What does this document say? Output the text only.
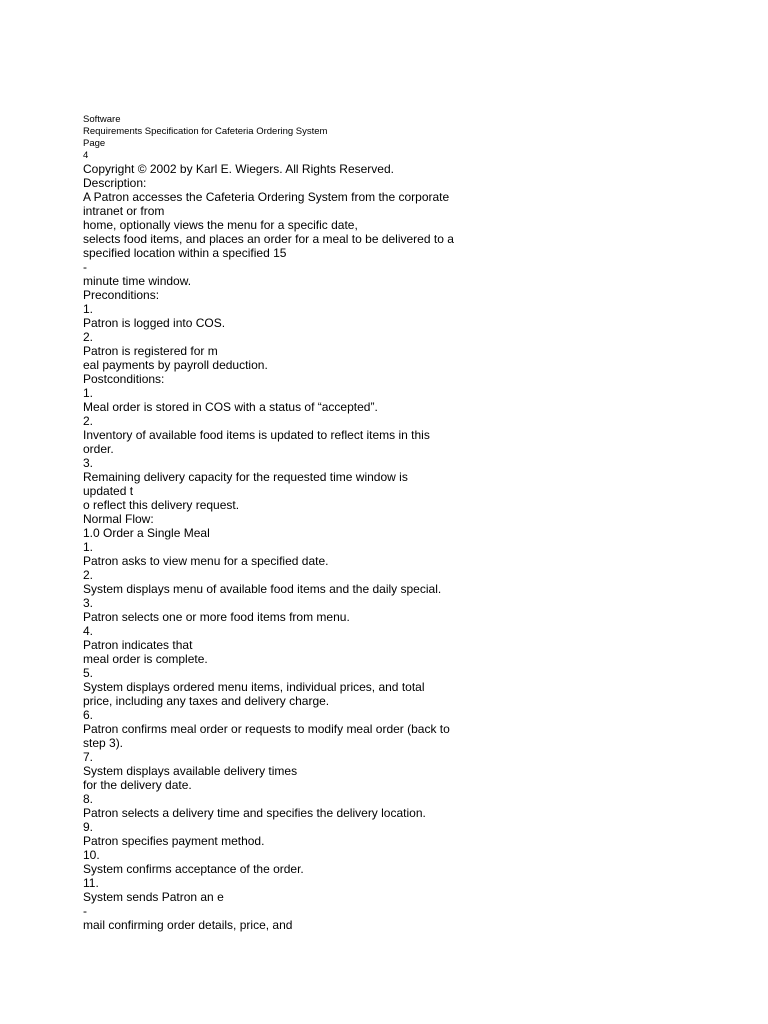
Software
Requirements Specification for Cafeteria Ordering System
Page
4
Copyright © 2002 by Karl E. Wiegers. All Rights Reserved.
Description:
A Patron accesses the Cafeteria Ordering System from the corporate
intranet or from
home, optionally views the menu for a specific date,
selects food items, and places an order for a meal to be delivered to a
specified location within a specified 15
-
minute time window.
Preconditions:
1.
Patron is logged into COS.
2.
Patron is registered for m
eal payments by payroll deduction.
Postconditions:
1.
Meal order is stored in COS with a status of “accepted”.
2.
Inventory of available food items is updated to reflect items in this
order.
3.
Remaining delivery capacity for the requested time window is
updated t
o reflect this delivery request.
Normal Flow:
1.0 Order a Single Meal
1.
Patron asks to view menu for a specified date.
2.
System displays menu of available food items and the daily special.
3.
Patron selects one or more food items from menu.
4.
Patron indicates that
meal order is complete.
5.
System displays ordered menu items, individual prices, and total
price, including any taxes and delivery charge.
6.
Patron confirms meal order or requests to modify meal order (back to
step 3).
7.
System displays available delivery times
for the delivery date.
8.
Patron selects a delivery time and specifies the delivery location.
9.
Patron specifies payment method.
10.
System confirms acceptance of the order.
11.
System sends Patron an e
-
mail confirming order details, price, and
